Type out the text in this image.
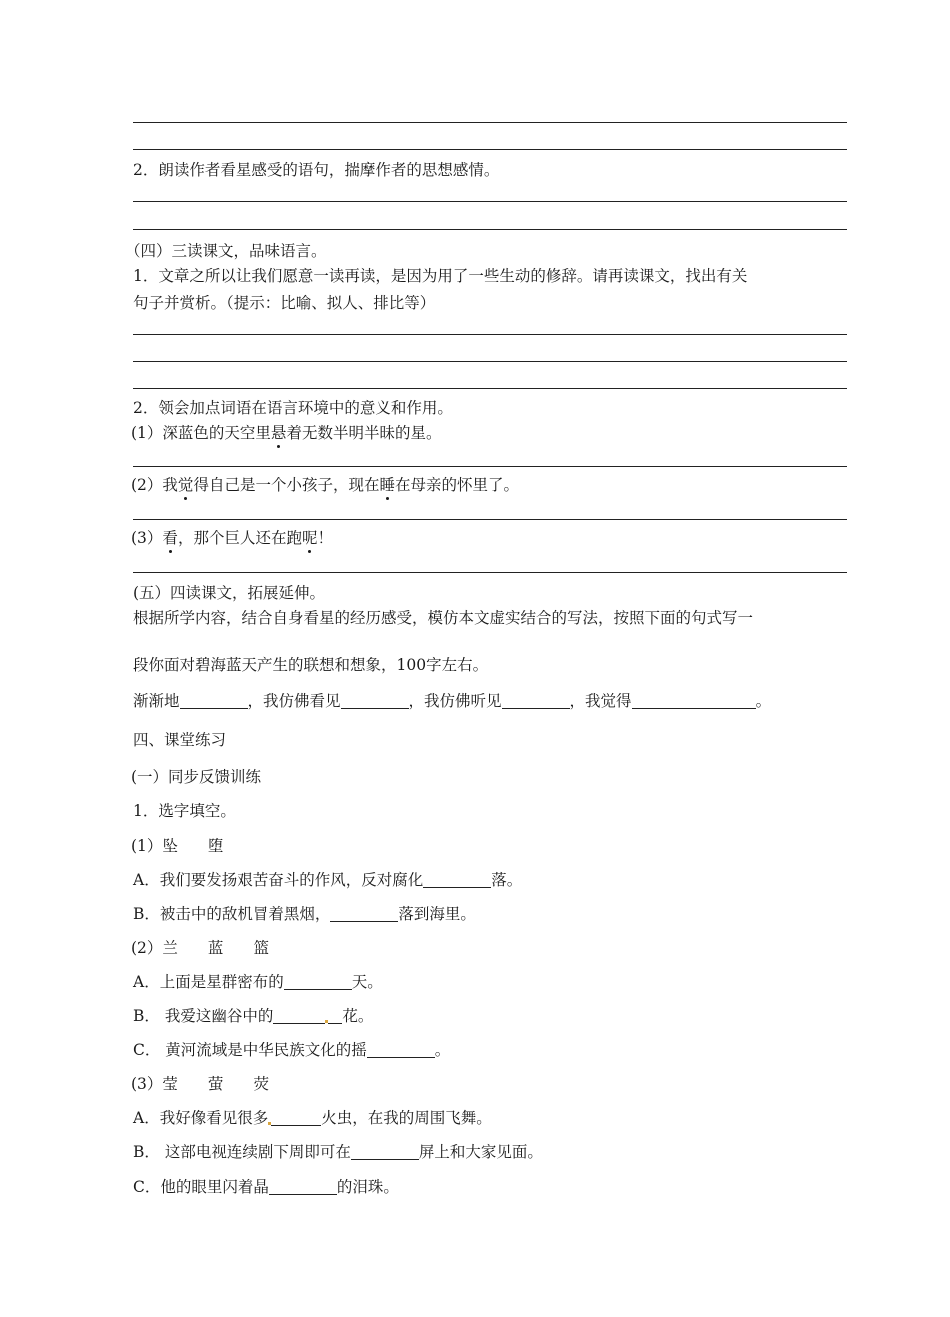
2．朗读作者看星感受的语句，揣摩作者的思想感情。
（四）三读课文，品味语言。
1．文章之所以让我们愿意一读再读，是因为用了一些生动的修辞。请再读课文，找出有关
句子并赏析。（提示：比喻、拟人、排比等）
2．领会加点词语在语言环境中的意义和作用。
(1）深蓝色的天空里悬着无数半明半昧的星。
(2）我觉得自己是一个小孩子，现在睡在母亲的怀里了。
(3）看，那个巨人还在跑呢！
(五）四读课文，拓展延伸。
根据所学内容，结合自身看星的经历感受，模仿本文虚实结合的写法，按照下面的句式写一
段你面对碧海蓝天产生的联想和想象，100字左右。
渐渐地	，我仿佛看见	，我仿佛听见	，我觉得	。
四、课堂练习
(一）同步反馈训练
1．选字填空。
(1）坠 堕
A．我们要发扬艰苦奋斗的作风，反对腐化	落。
B．被击中的敌机冒着黑烟，	落到海里。
(2）兰 蓝 篮
A．上面是星群密布的	天。
B． 我爱这幽谷中的	花。
C． 黄河流域是中华民族文化的摇	。
(3）莹 萤 荧
A．我好像看见很多	火虫，在我的周围飞舞。
B． 这部电视连续剧下周即可在	屏上和大家见面。
C．他的眼里闪着晶	的泪珠。
